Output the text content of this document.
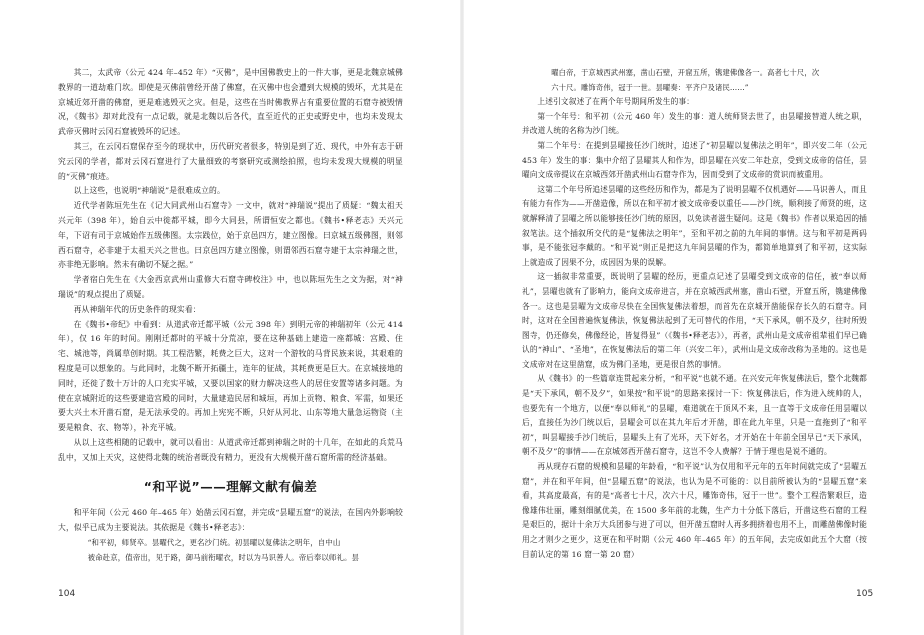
其二，太武帝（公元 424 年–452 年）“灭佛”，是中国佛教史上的一件大事，更是北魏京城佛教界的一道劫难门坎。即使是灭佛前曾经开凿了佛窟，在灭佛中也会遭到大规模的毁坏，尤其是在京城近郊开凿的佛窟，更是难逃毁灭之灾。但是，这些在当时佛教界占有重要位置的石窟寺被毁情况，《魏书》却对此没有一点记载，就是北魏以后各代，直至近代的正史或野史中，也均未发现太武帝灭佛时云冈石窟被毁坏的记述。

其三，在云冈石窟保存至今的现状中，历代研究者很多，特别是到了近、现代，中外有志于研究云冈的学者，都对云冈石窟进行了大量细致的考察研究或测绘拍照，也均未发现大规模的明显的“灭佛”痕迹。

以上这些，也说明“神瑞说”是很难成立的。

近代学者陈垣先生在《记大同武州山石窟寺》一文中，就对“神瑞说”提出了质疑：“魏太祖天兴元年（398 年），始自云中徙都平城，即今大同县，所谓恒安之都也。《魏书•释老志》天兴元年，下诏有司于京城始作五级佛图。太宗践位，始于京邑四方，建立图像。曰京城五级佛图，则邻西石窟寺，必非建于太祖天兴之世也。曰京邑四方建立图像，则谓邻西石窟寺建于太宗神瑞之世，亦非绝无影响。然未有确切不疑之据。”

学者宿白先生在《大金西京武州山重修大石窟寺碑校注》中，也以陈垣先生之文为据，对“神瑞说”的观点提出了质疑。

再从神瑞年代的历史条件的现实看：

在《魏书•帝纪》中看到：从道武帝迁都平城（公元 398 年）到明元帝的神瑞初年（公元 414 年），仅 16 年的时间。刚刚迁都时的平城十分荒凉，要在这种基础上建造一座都城：宫殿、住宅、城池等，尚属草创时期。其工程浩繁，耗费之巨大，这对一个游牧的马背民族来说，其艰难的程度是可以想象的。与此同时，北魏不断开拓疆土，连年的征战，其耗费更是巨大。在京城接地的同时，还徙了数十万计的人口充实平城，又要以国家的财力解决这些人的居住安置等诸多问题。为使在京城附近的这些要建造宫殿的同时，大量建造民居和城垣，再加上贡物、粮食、军需，如果还要大兴土木开凿石窟，是无法承受的。再加上宪宪不断，只好从河北、山东等地大量急运物资（主要是粮食、衣、物等），补充平城。

从以上这些相随的记载中，就可以看出：从道武帝迁都到神瑞之时的十几年，在如此的兵荒马乱中，又加上天灾，这使得北魏的统治者既没有精力，更没有大规模开凿石窟所需的经济基础。

“和平说”——理解文献有偏差

和平年间（公元 460 年–465 年）始凿云冈石窟，并完成“昙曜五窟”的说法，在国内外影响较大，似乎已成为主要说法。其依据是《魏书•释老志》：

“和平初，师贤卒。昙曜代之，更名沙门统。初昙曜以复佛法之明年，自中山

被命赴京，值帝出，见于路，御马前衔曜衣，时以为马识善人。帝后奉以师礼。昙

104

曜白帝，于京城西武州塞，凿山石壁，开窟五所，镌建佛像各一。高者七十尺，次

六十尺。雕饰奇伟，冠于一世。昙曜奏：平齐户及诸民……”

上述引文叙述了在两个年号期间所发生的事：

第一个年号：和平初（公元 460 年）发生的事：道人统师贤去世了，由昙曜接替道人统之职，并改道人统的名称为沙门统。

第二个年号：在提到昙曜接任沙门统时，追述了“初昙曜以复佛法之明年”，即兴安二年（公元 453 年）发生的事：集中介绍了昙曜其人和作为，即昙曜在兴安二年赴京，受到文成帝的信任，昙曜向文成帝提议在京城西郊开凿武州山石窟寺作为，因而受到了文成帝的赏识而被重用。

这第二个年号所追述昙曜的这些经历和作为，都是为了说明昙曜不仅机遇好——马识善人，而且有能力有作为——开凿造像，所以在和平初才被文成帝委以重任——沙门统，顺利接了师贤的班，这就解释清了昙曜之所以能够接任沙门统的原因，以免读者滋生疑问。这是《魏书》作者以果追因的插叙笔法。这个插叙所交代的是“复佛法之明年”，至和平初之前的九年间的事情。这与和平初是两码事，是不能张冠李戴的。“和平说”则正是把这九年间昙曜的作为，都简单地算到了和平初，这实际上就造成了因果不分，成因因为果的误解。

这一插叙非常重要，既说明了昙曜的经历，更重点记述了昙曜受到文成帝的信任，被“奉以师礼”，昙曜也就有了影响力，能向文成帝进言，并在京城西武州塞，凿山石壁，开窟五所，镌建佛像各一。这也是昙曜为文成帝尽快在全国恢复佛法着想，而首先在京城开凿能保存长久的石窟寺。同时，这对在全国普遍恢复佛法，恢复佛法起到了无可替代的作用，“天下承风，朝不及夕，往时所毁图寺，仍还修矣，佛像经论，皆复得显”（《魏书•释老志》），再者，武州山是文成帝祖辈祖们早已确认的“神山”、“圣地”，在恢复佛法后的第二年（兴安二年），武州山是文成帝改称为圣地的。这也是文成帝对在这里凿窟，成为佛门圣地，更是很自然的事情。

从《魏书》的一些篇章连贯起来分析，“和平说”也就不通。在兴安元年恢复佛法后，整个北魏都是“天下承风，朝不及夕”，如果按“和平说”的思路来探讨一下：恢复佛法后，作为进入统帅的人，也要先有一个地方，以便“奉以师礼”的昙曜，难道就在于顶风不来，且一直等于文成帝任用昙曜以后，直接任为沙门统以后，昙曜会可以在其九年后才开凿，即在此九年里，只是一直拖到了“和平初”，叫昙曜接手沙门统后，昙曜头上有了光环，天下好名，才开始在十年前全国早已“天下承风，朝不及夕”的事情——在京城郊西开凿石窟寺，这岂不令人费解？于情于理也是说不通的。

再从现存石窟的规模和昙曜的年龄看，“和平说”认为仅用和平元年的五年时间就完成了“昙曜五窟”，并在和平年间，但“昙曜五窟”的说法，也认为是不可能的：以目前所被认为的“昙曜五窟”来看，其高度最高，有的是“高者七十尺，次六十尺，雕饰奇伟，冠于一世”。整个工程浩繁艰巨，造像雄伟壮丽，雕刻细腻优美，在 1500 多年前的北魏，生产力十分低下落后，开凿这些石窟的工程是艰巨的，据计十余万大兵团参与进了可以，但开凿五窟时人再多拥挤着也用不上，而雕凿佛像时能用之才则少之更少，这更在和平时期（公元 460 年–465 年）的五年间，去完成如此五个大窟（按目前认定的第 16 窟一第 20 窟）

105
